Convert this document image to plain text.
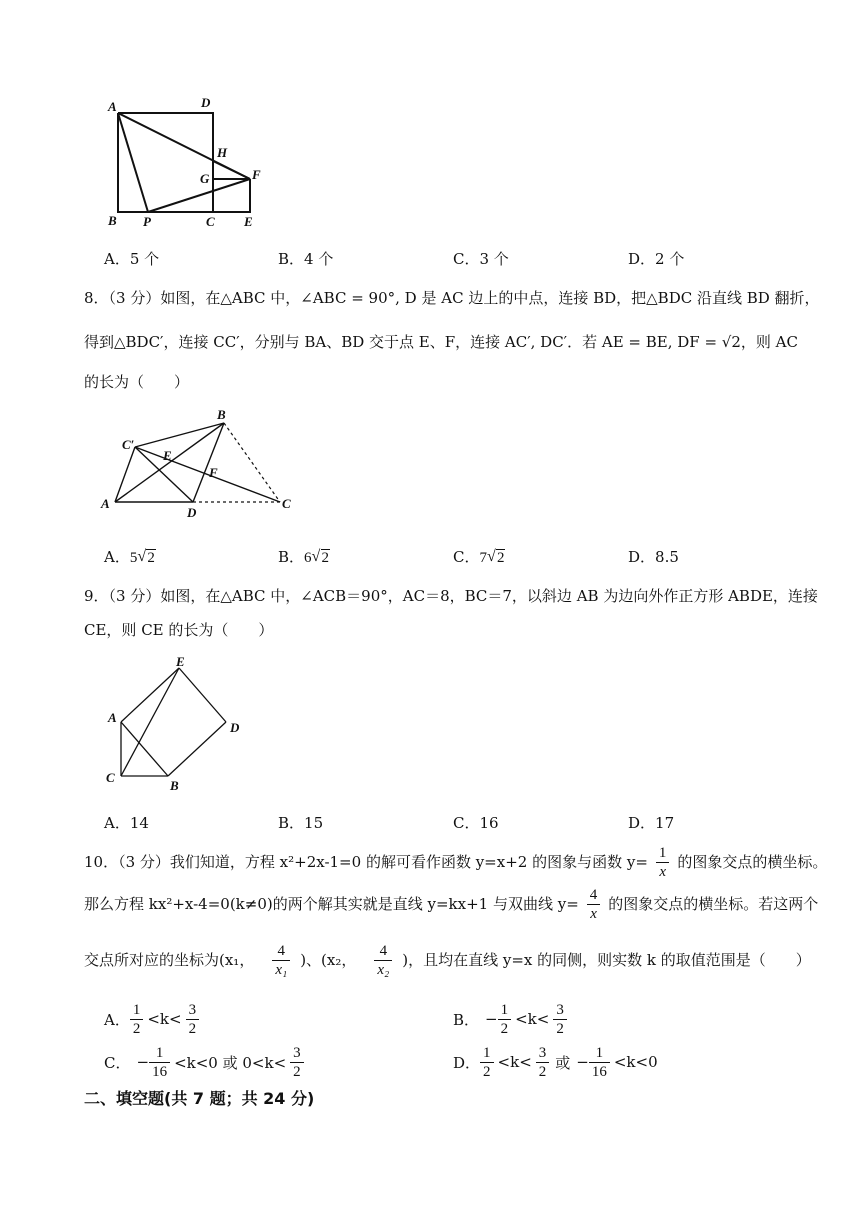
A	D
H
G	F
B P	C E
A．5 个	B．4 个	C．3 个	D．2 个
8．（3 分）如图，在△ABC 中，∠ABC = 90°, D 是 AC 边上的中点，连接 BD，把△BDC 沿直线 BD 翻折，
得到△BDC′，连接 CC′，分别与 BA、BD 交于点 E、F，连接 AC′, DC′．若 AE = BE, DF = √2，则 AC
的长为（　　）
B
C′
E
F
A
D
C
A．5 √ 2	B．6 √ 2	C．7 √ 2	D．8.5
9．（3 分）如图，在△ABC 中，∠ACB＝90°，AC＝8，BC＝7，以斜边 AB 为边向外作正方形 ABDE，连接
CE，则 CE 的长为（　　）
E
A
D
C
B
A．14	B．15	C．16	D．17
10．（3 分）我们知道，方程 x²+2x-1=0 的解可看作函数 y=x+2 的图象与函数 $y= \frac{1}{x}$ 的图象交点的横坐标。
那么方程 kx²+x-4=0(k≠0)的两个解其实就是直线 y=kx+1 与双曲线 $y= \frac{4}{x}$ 的图象交点的横坐标。若这两个
交点所对应的坐标为(x₁， $\frac{4}{\text{x₁}}$ )、(x₂， $\frac{4}{\text{x₂}}$ )，且均在直线 y=x 的同侧，则实数 k 的取值范围是（　　）
A． $\frac{1}{2} <k< \frac{3}{2}$	B． − $\frac{1}{2} <k< \frac{3}{2}$
C． − $\frac{1}{16} <k<0$ 或 $0<k< \frac{3}{2}$	D． $\frac{1}{2} <k< \frac{3}{2}$ 或 − $\frac{1}{16} <k<0$
二、填空题(共 7 题；共 24 分)
